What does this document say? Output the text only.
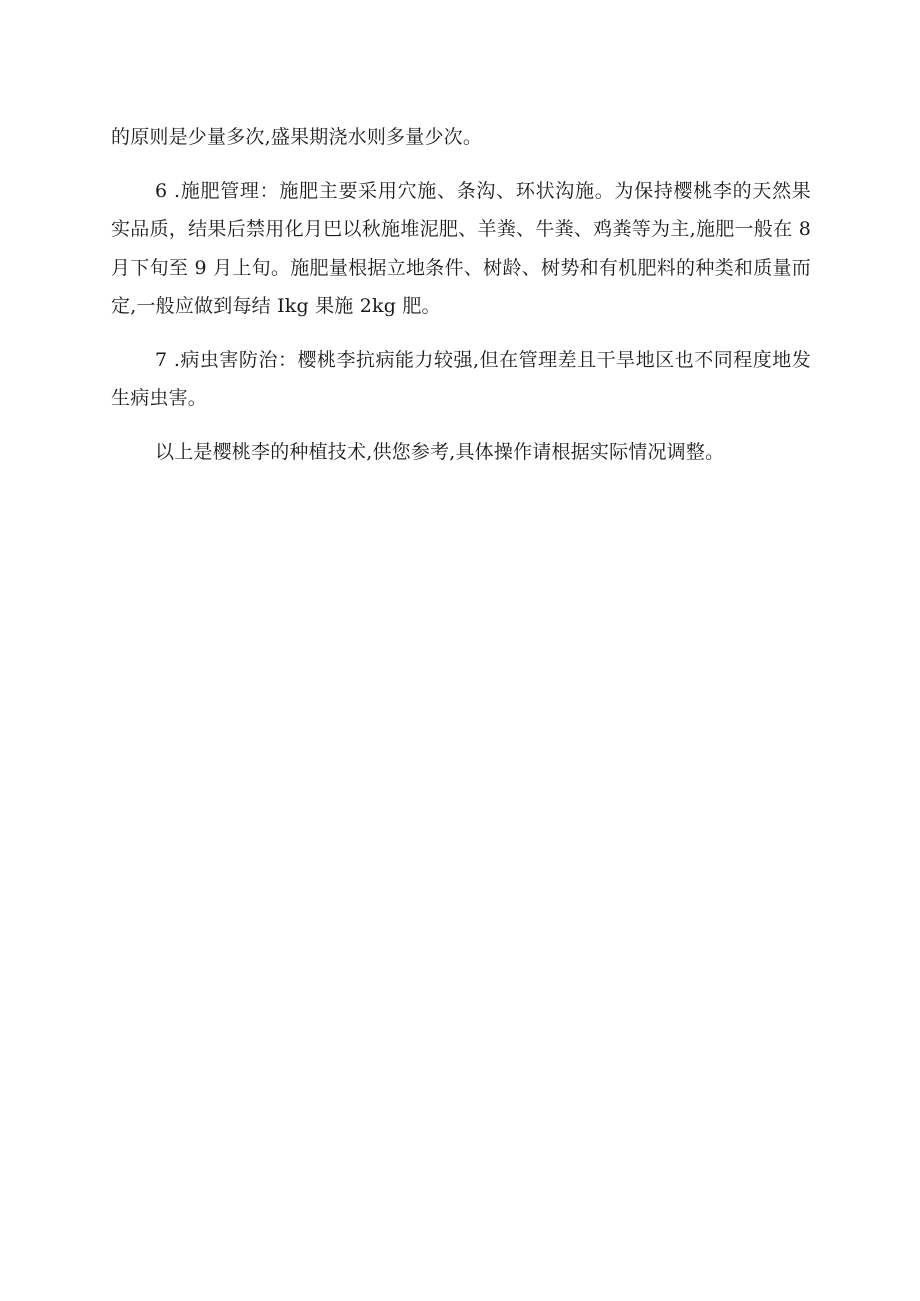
的原则是少量多次,盛果期浇水则多量少次。

6 .施肥管理：施肥主要采用穴施、条沟、环状沟施。为保持樱桃李的天然果实品质，结果后禁用化月巴以秋施堆泥肥、羊粪、牛粪、鸡粪等为主,施肥一般在 8 月下旬至 9 月上旬。施肥量根据立地条件、树龄、树势和有机肥料的种类和质量而定,一般应做到每结 Ikg 果施 2kg 肥。

7 .病虫害防治：樱桃李抗病能力较强,但在管理差且干旱地区也不同程度地发生病虫害。

以上是樱桃李的种植技术,供您参考,具体操作请根据实际情况调整。
